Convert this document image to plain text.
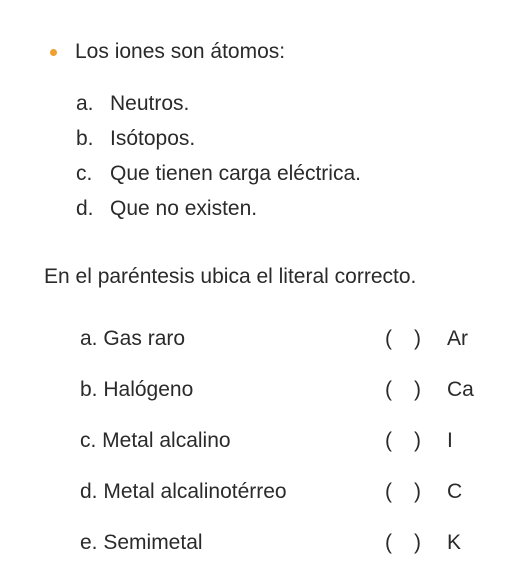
Los iones son átomos:
a. Neutros.
b. Isótopos.
c. Que tienen carga eléctrica.
d. Que no existen.
En el paréntesis ubica el literal correcto.
a. Gas raro	( )	Ar
b. Halógeno	( )	Ca
c. Metal alcalino	( )	I
d. Metal alcalinotérreo	( )	C
e. Semimetal	( )	K
